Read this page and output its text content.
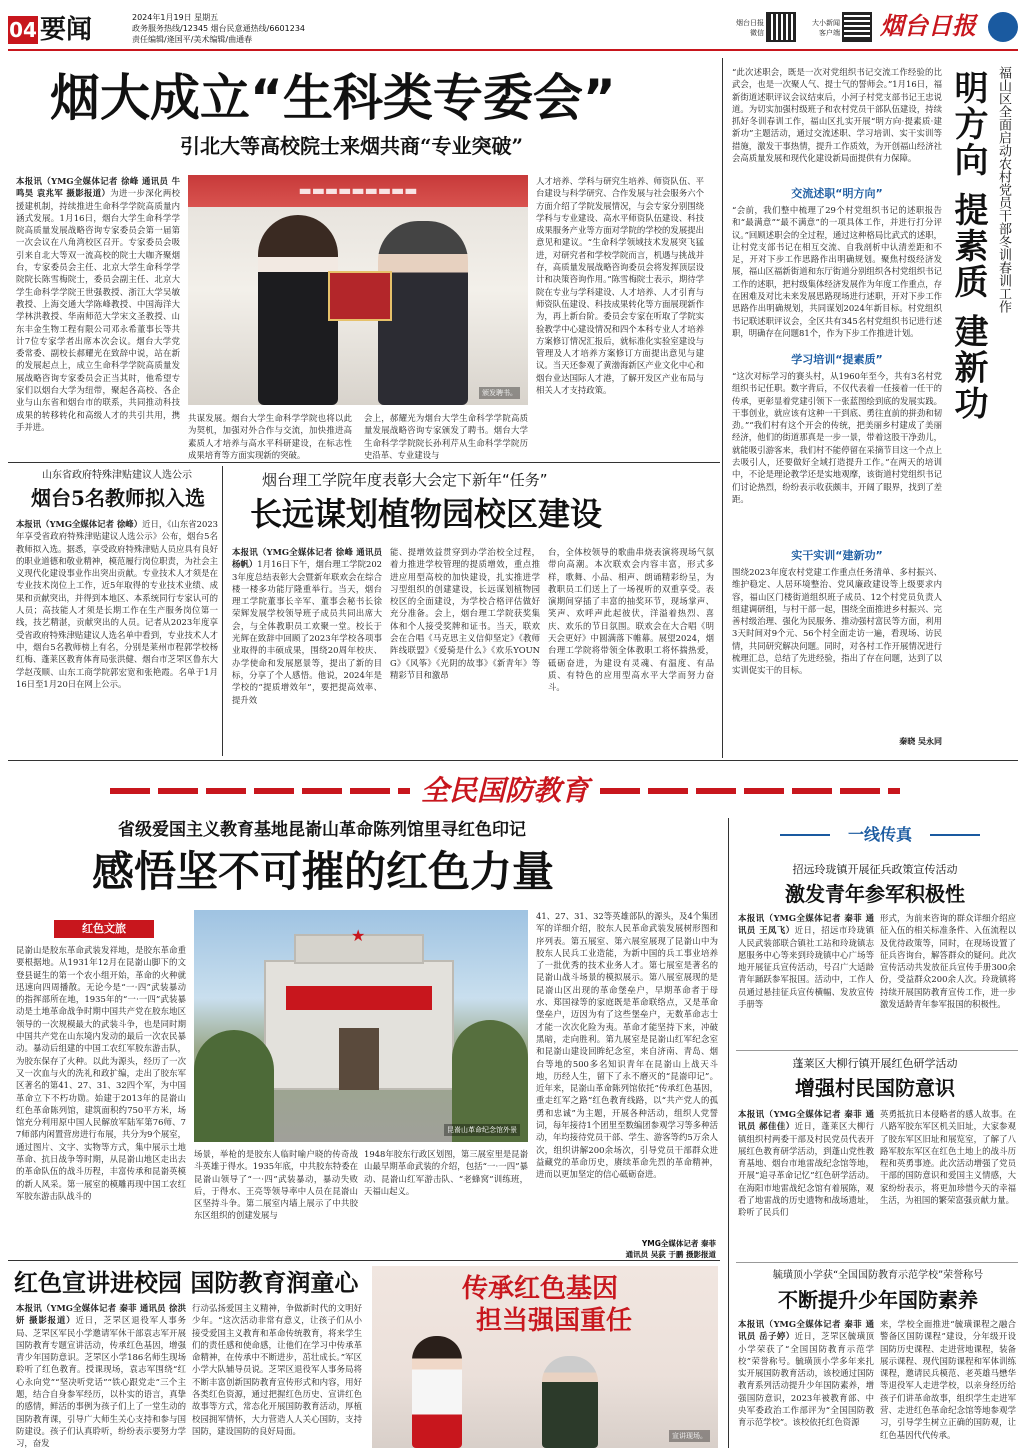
04 要闻	2024年1月19日 星期五
政务服务热线/12345 烟台民意通热线/6601234
责任编辑/逄国平/美术编辑/曲通春
烟台日报
微信
大小新闻
客户端 烟台日报
烟大成立“生科类专委会”
引北大等高校院士来烟共商“专业突破”
本报讯（YMG全媒体记者 徐峰 通讯员 牛鸣昊 袁兆军 摄影报道）为进一步深化两校援建机制，持续推进生命科学学院高质量内涵式发展。1月16日，烟台大学生命科学学院高质量发展战略咨询专家委员会第一届第一次会议在八角湾校区召开。专家委员会吸引来自北大等双一流高校的院士大咖齐聚烟台，专家委员会主任、北京大学生命科学学院院长陈雪梅院士，委员会副主任、北京大学生命科学学院王世强教授、浙江大学吴敏教授、上海交通大学陈峰教授、中国海洋大学林洪教授、华南师范大学宋文圣教授、山东丰金生物工程有限公司邓永希董事长等共计7位专家学者出席本次会议。烟台大学党委常委、副校长郝耀光在致辞中说，站在新的发展起点上，成立生命科学学院高质量发展战略咨询专家委员会正当其时，他希望专家们以烟台大学为纽带，聚起各高校、各企业与山东省和烟台市的联系，共同推动科技成果的转移转化和高级人才的共引共用，携手并进。
▬▬▬▬▬▬▬▬▬
颁发聘书。
共谋发展。烟台大学生命科学学院也将以此为契机，加强对外合作与交流，加快推进高素质人才培养与高水平科研建设，在标志性成果培育等方面实现新的突破。
会上，郝耀光为烟台大学生命科学学院高质量发展战略咨询专家颁发了聘书。烟台大学生命科学学院院长孙利芹从生命科学学院历史沿革、专业建设与
人才培养、学科与研究生培养、师资队伍、平台建设与科学研究、合作发展与社会服务六个方面介绍了学院发展情况，与会专家分别围绕学科与专业建设、高水平师资队伍建设、科技成果服务产业等方面对学院的学校的发展提出意见和建议。“生命科学领域技术发展突飞猛进，对研究者和学校学院而言，机遇与挑战并存，高质量发展战略咨询委员会将发挥顶层设计和决策咨询作用。”陈雪梅院士表示，期待学院在专业与学科建设、人才培养、人才引育与师资队伍建设、科技成果转化等方面展现新作为，再上新台阶。委员会专家在听取了学院实验教学中心建设情况和四个本科专业人才培养方案修订情况汇报后，就标准化实验室建设与管理及人才培养方案修订方面提出意见与建议。当天还参观了黄渤海新区产业文化中心和烟台业达国际人才港，了解开发区产业布局与相关人才支持政策。
山东省政府特殊津贴建议人选公示
烟台5名教师拟入选
本报讯（YMG全媒体记者 徐峰）近日，《山东省2023年享受省政府特殊津贴建议人选公示》公布，烟台5名教师拟入选。据悉，享受政府特殊津贴人员应具有良好的职业道德和敬业精神，模范履行岗位职责，为社会主义现代化建设事业作出突出贡献。专业技术人才须是在专业技术岗位上工作，近5年取得的专业技术业绩、成果和贡献突出，并得到本地区、本系统同行专家认可的人员；高技能人才须是长期工作在生产服务岗位第一线，技艺精湛，贡献突出的人员。记者从2023年度享受省政府特殊津贴建议人选名单中看到，专业技术人才中，烟台5名教师榜上有名，分别是莱州市程郭学校杨红梅、蓬莱区教育体育局张洪健、烟台市芝罘区鲁东大学赵茂顺、山东工商学院郭宏宽和张艳霞。名单于1月16日至1月20日在网上公示。
烟台理工学院年度表彰大会定下新年“任务”
长远谋划植物园校区建设
本报讯（YMG全媒体记者 徐峰 通讯员 杨帆）1月16日下午，烟台理工学院2023年度总结表彰大会暨新年联欢会在综合楼一楼多功能厅隆重举行。当天，烟台理工学院董事长辛军、董事会秘书长徐荣辉发展学校领导班子成员共同出席大会，与全体教职员工欢聚一堂。校长于光辉在致辞中回顾了2023年学校各项事业取得的丰硕成果，围绕20周年校庆、办学使命和发展愿景等，提出了新的目标，分享了个人感悟。他说，2024年是学校的“提质增效年”，要把提高效率、提升效
能、提增效益贯穿到办学治校全过程，着力推进学校管理的提质增效，重点推进应用型高校的加快建设，扎实推进学习型组织的创建建设，长远谋划植物园校区的全面建设，为学校合格评估做好充分准备。会上，烟台理工学院获奖集体和个人接受奖牌和证书。当天，联欢会在合唱《马克思主义信仰坚定》《教师阵线联盟》《爱骑是什么》《欢乐YOUNG》《风筝》《光阴的故事》《新青年》等精彩节目和激昂
台，全体校领导的歌曲串烧表演将现场气氛带向高潮。本次联欢会内容丰富，形式多样，歌舞、小品、相声、朗诵精彩纷呈，为教职员工们送上了一场视听的双重享受。表演期间穿插了丰富的抽奖环节，现场掌声、笑声、欢呼声此起彼伏，洋溢着热烈、喜庆、欢乐的节日氛围。联欢会在大合唱《明天会更好》中圆满落下帷幕。展望2024，烟台理工学院将带领全体教职工将怀揣热爱，砥砺奋进，为建设有灵魂、有温度、有品质、有特色的应用型高水平大学而努力奋斗。
“此次述职会，既是一次对党组织书记交流工作经验的比武会，也是一次聚人气、提士气的誓师会。”1月16日，福新街道述职评议会议结束后，小河子村党支部书记王忠说道。为切实加强村级班子和农村党员干部队伍建设，持续抓好冬训春训工作，福山区扎实开展“明方向·提素质·建新功”主题活动，通过交流述职、学习培训、实干实训等措施，激发干事热情，提升工作质效，为开创福山经济社会高质量发展和现代化建设新局面提供有力保障。
交流述职“明方向”
“会前，我们整中梳理了29个村党组织书记的述职报告和“最满意”“最不满意”的一项具体工作，并进行打分评议。”回顾述职会的全过程，通过这种格局比武式的述职，让村党支部书记在相互交流、自我剖析中认清差距和不足，开对下步工作思路作出明确规划。聚焦村级经济发展，福山区福新街道和东厅街道分别组织各村党组织书记工作的述职，把村级集体经济发展作为年度工作重点，存在困难及对比未来发展思路现场进行述职，开对下步工作思路作出明确规划，共同谋划2024年新目标。村党组织书记联述职评议会，全区共有345名村党组织书记进行述职，明确存在问题81个，作为下步工作推进计划。
学习培训“提素质”
“这次对标学习的赛头村，从1960年至今，共有3名村党组织书记任职。数字背后，不仅代表着一任接着一任干的传承，更彰显着党建引领下一张蓝图绘到底的发展实践。干事创业，就应该有这种一干到底、勇往直前的拼劲和韧劲。”“我们村有这个开会的传统，把美丽乡村建成了美丽经济，他们的街道那真是一步一景，带着这股干净劲儿，就能吸引游客来，我们村不能停留在采摘节目这一个点上去吸引人，还要做好全域打造提升工作。”在两天的培训中，不论是理论教学还是实地观摩，该街道村党组织书记们讨论热烈，纷纷表示收获颇丰，开阔了眼界，找到了差距。
实干实训“建新功”
围绕2023年度农村党建工作重点任务清单、多村振兴、维护稳定、人居环境整治、党风廉政建设等上级要求内容，福山区门楼街道组织班子成员、12个村党员负责人组建调研组，与村干部一起，围绕全面推进乡村振兴、完善村级治理、强化为民服务、推动强村富民等方面，利用3天时间对9个元、56个村全面走访一遍，看现场、访民情，共同研究解决问题。同时，对各村工作开展情况进行梳理汇总，总结了先进经验，指出了存在问题，达到了以实训促实干的目标。
秦晓 吴永同
明方向 提素质 建新功 福山区全面启动农村党员干部冬训春训工作
全民国防教育
省级爱国主义教育基地昆嵛山革命陈列馆里寻红色印记
感悟坚不可摧的红色力量
红色文旅
昆嵛山是胶东革命武装发祥地，是胶东革命重要根据地。从1931年12月在昆嵛山脚下的文登县诞生的第一个农小组开始，革命的火种就迅速向四周播散。无论今是“一·四”武装暴动的指挥部所在地，1935年的“一·一四”武装暴动是土地革命战争时期中国共产党在胶东地区领导的一次规模最大的武装斗争，也是同时期中国共产党在山东境内发动的最后一次农民暴动。暴动后组建的中国工农红军胶东游击队，为胶东保存了火种。以此为源头，经历了一次又一次血与火的洗礼和政扩编，走出了胶东军区著名的第41、27、31、32四个军，为中国革命立下不朽功勋。始建于2013年的昆嵛山红色革命陈列馆，建筑面积约750平方米，场馆充分利用原中国人民解放军陆军第76师、77师部内闲置营房进行布展，共分为9个展室，通过图片、文字、实物等方式，集中展示土地革命、抗日战争等时期，从昆嵛山地区走出去的革命队伍的战斗历程，丰富传承和昆嵛英模的新人风采。第一展室的模雕再现中国工农红军胶东游击队战斗的
★
昆嵛山革命纪念馆外景
41、27、31、32等英雄部队的源头，及4个集团军的详细介绍，胶东人民革命武装发展树形图和序列表。第五展室、第六展室展现了昆嵛山中为胶东人民兵工业造能，为新中国的兵工事业培养了一批优秀的技术业务人才。第七展室是著名的昆嵛山战斗场景的模拟展示。第八展室展现的是昆嵛山区出现的革命堡垒户，早期革命者于母水、郑国禄等的家庭既是革命联络点，又是革命堡垒户，迈因为有了这些堡垒户，无数革命志士才能一次次化险为夷。革命才能坚持下来，冲破黑暗，走向胜利。第九展室是昆嵛山红军纪念室和昆嵛山建设回眸纪念室，来自济南、青岛、烟台等地的500多名知识青年在昆嵛山上战天斗地，历经人生，留下了永不磨灭的“昆嵛印记”。近年来，昆嵛山革命陈列馆依托“传承红色基因，重走红军之路”红色教育线路，以“共产党人的孤勇和忠诚”为主题，开展各种活动，组织人党誓词，每年接待1个团里至数编团参观学习等多种活动，年均接待党员干部、学生、游客等约5万余人次，组织讲解200余场次，引导党员干部群众进益藏党的革命历史，赓续革命先烈的革命精神，进而以更加坚定的信心砥砺奋进。
场景，举枪的是胶东人临时喻户晓的传奇战斗英雄于得水。1935年底，中共胶东特委在昆嵛山领导了“一·四”武装暴动，暴动失败后，于得水、王亮等领导率中人员在昆嵛山区坚持斗争。第二展室内墙上展示了中共胶东区组织的创建发展与
1948年胶东行政区划图，第三展室里是昆嵛山最早期革命武装的介绍，包括“一·一四”暴动、昆嵛山红军游击队、“老蜂窝”训练班，天福山起义。
YMG全媒体记者 秦菲
通讯员 吴荻 于鹏 摄影报道
红色宣讲进校园 国防教育润童心
本报讯（YMG全媒体记者 秦菲 通讯员 徐洪妍 摄影报道）近日，芝罘区退役军人事务局、芝罘区军民小学邀请军休干部袁志军开展国防教育专题宣讲活动，传承红色基因，增强青少年国防意识。芝罘区小学186名师生现场聆听了红色教育。授课现场，袁志军围绕“红心永向党”“坚决听党话”“铁心跟党走”三个主题，结合自身参军经历，以朴实的语言，真挚的感情，鲜活的事例为孩子们上了一堂生动的国防教育课，引导广大师生关心支持和参与国防建设。孩子们认真聆听，纷纷表示要努力学习，奋发
行动弘扬爱国主义精神，争做新时代的文明好少年。“这次活动非常有意义，让孩子们从小接受爱国主义教育和革命传统教育，将来学生们的责任感和使命感，让他们在学习中传承革命精神，在传承中不断进步，茁壮成长。”军区小学大队辅导员说。芝罘区退役军人事务局将不断丰富创新国防教育宣传形式和内容，用好各类红色资源，通过把握红色历史、宣讲红色故事等方式，常态化开展国防教育活动，厚植校园拥军情怀，大力营造人人关心国防，支持国防，建设国防的良好局面。
传承红色基因
担当强国重任
宣讲现场。
一线传真
招远玲珑镇开展征兵政策宣传活动
激发青年参军积极性
本报讯（YMG全媒体记者 秦菲 通讯员 王凤飞）近日，招远市玲珑镇人民武装部联合镇社工站和玲珑镇志愿服务中心等来到玲珑镇中心广场等地开展征兵宣传活动，号召广大适龄青年踊跃参军报国。活动中，工作人员通过悬挂征兵宣传横幅、发放宣传手册等
形式，为前来咨询的群众详细介绍应征入伍的相关标准条件、入伍流程以及优待政策等，同时，在现场设置了征兵咨询台，解答群众的疑问。此次宣传活动共发放征兵宣传手册300余份，受益群众200余人次。玲珑镇将持续开展国防教育宣传工作，进一步激发适龄青年参军报国的积极性。
蓬莱区大柳行镇开展红色研学活动
增强村民国防意识
本报讯（YMG全媒体记者 秦菲 通讯员 郝佳佳）近日，蓬莱区大柳行镇组织村两委干部及村民党员代表开展红色教育研学活动，到蓬山党性教育基地、烟台市地雷战纪念馆等地，开展“追寻革命记忆”红色研学活动。在海阳市地雷战纪念馆有着展陈，观看了地雷战的历史遗物和战场遗址，聆听了民兵们
英勇抵抗日本侵略者的感人故事。在八路军胶东军区机关旧址，大家参观了胶东军区旧址和展览室，了解了八路军胶东军区在红色土地上的战斗历程和英勇事迹。此次活动增强了党员干部的国防意识和爱国主义情感，大家纷纷表示，将更加珍惜今天的幸福生活，为祖国的繁荣富强贡献力量。
毓璜顶小学获“全国国防教育示范学校”荣誉称号
不断提升少年国防素养
本报讯（YMG全媒体记者 秦菲 通讯员 岳子婷）近日，芝罘区毓璜顶小学荣获了“全国国防教育示范学校”荣誉称号。毓璜顶小学多年来扎实开展国防教育活动，该校通过国防教育系列活动提升少年国防素养，增强国防意识，2023年被教育部、中央军委政治工作部评为“全国国防教育示范学校”。该校依托红色资源
来，学校全面推进“毓璜课程之融合警备区国防课程”建设，分年级开设国防历史课程、走进营地课程，装备展示课程、现代国防课程和军体训练课程，邀请民兵模范、老英雄马懋华等退役军人走进学校，以亲身经历给孩子们讲革命故事，组织学生走进军营、走进红色革命纪念馆等地参观学习，引导学生树立正确的国防观，让红色基因代代传承。
